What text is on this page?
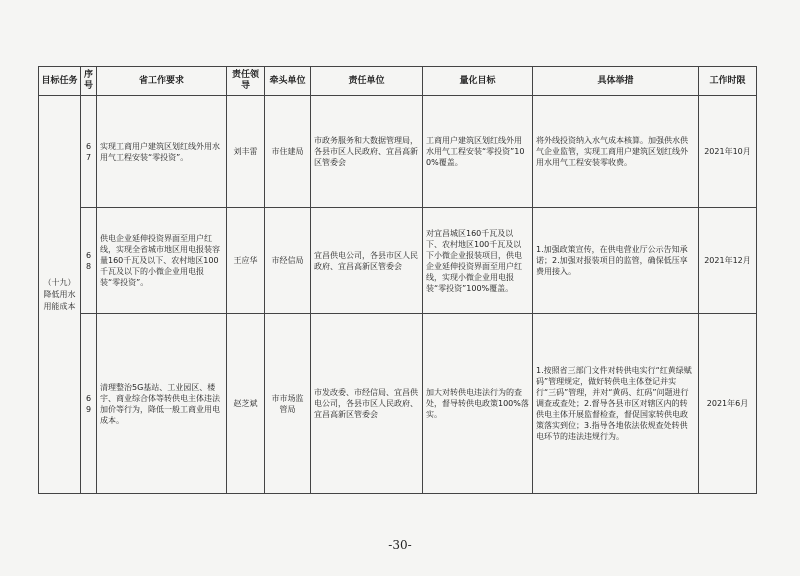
目标任务	序号	省工作要求	责任领导	牵头单位	责任单位	量化目标	具体举措	工作时限
（十九）降低用水用能成本	67	实现工商用户建筑区划红线外用水用气工程安装“零投资”。	刘丰雷	市住建局	市政务服务和大数据管理局，各县市区人民政府、宜昌高新区管委会	工商用户建筑区划红线外用水用气工程安装“零投资”100%覆盖。	将外线投资纳入水气成本核算。加强供水供气企业监管，实现工商用户建筑区划红线外用水用气工程安装零收费。	2021年10月
	68	供电企业延伸投资界面至用户红线，实现全省城市地区用电报装容量160千瓦及以下、农村地区100千瓦及以下的小微企业用电报装“零投资”。	王应华	市经信局	宜昌供电公司，各县市区人民政府、宜昌高新区管委会	对宜昌城区160千瓦及以下、农村地区100千瓦及以下小微企业报装项目，供电企业延伸投资界面至用户红线，实现小微企业用电报装“零投资”100%覆盖。	1.加强政策宣传，在供电营业厅公示告知承诺；2.加强对报装项目的监管，确保低压享费用接入。	2021年12月
	69	清理整治5G基站、工业园区、楼宇、商业综合体等转供电主体违法加价等行为，降低一般工商业用电成本。	赵芝斌	市市场监管局	市发改委、市经信局、宜昌供电公司，各县市区人民政府、宜昌高新区管委会	加大对转供电违法行为的查处，督导转供电政策100%落实。	1.按照省三部门文件对转供电实行“红黄绿赋码”管理规定，做好转供电主体登记并实行“三码”管理，并对“黄码、红码”问题进行调查或查处；2.督导各县市区对辖区内的转供电主体开展监督检查，督促国家转供电政策落实到位；3.指导各地依法依规查处转供电环节的违法违规行为。	2021年6月
-30-
